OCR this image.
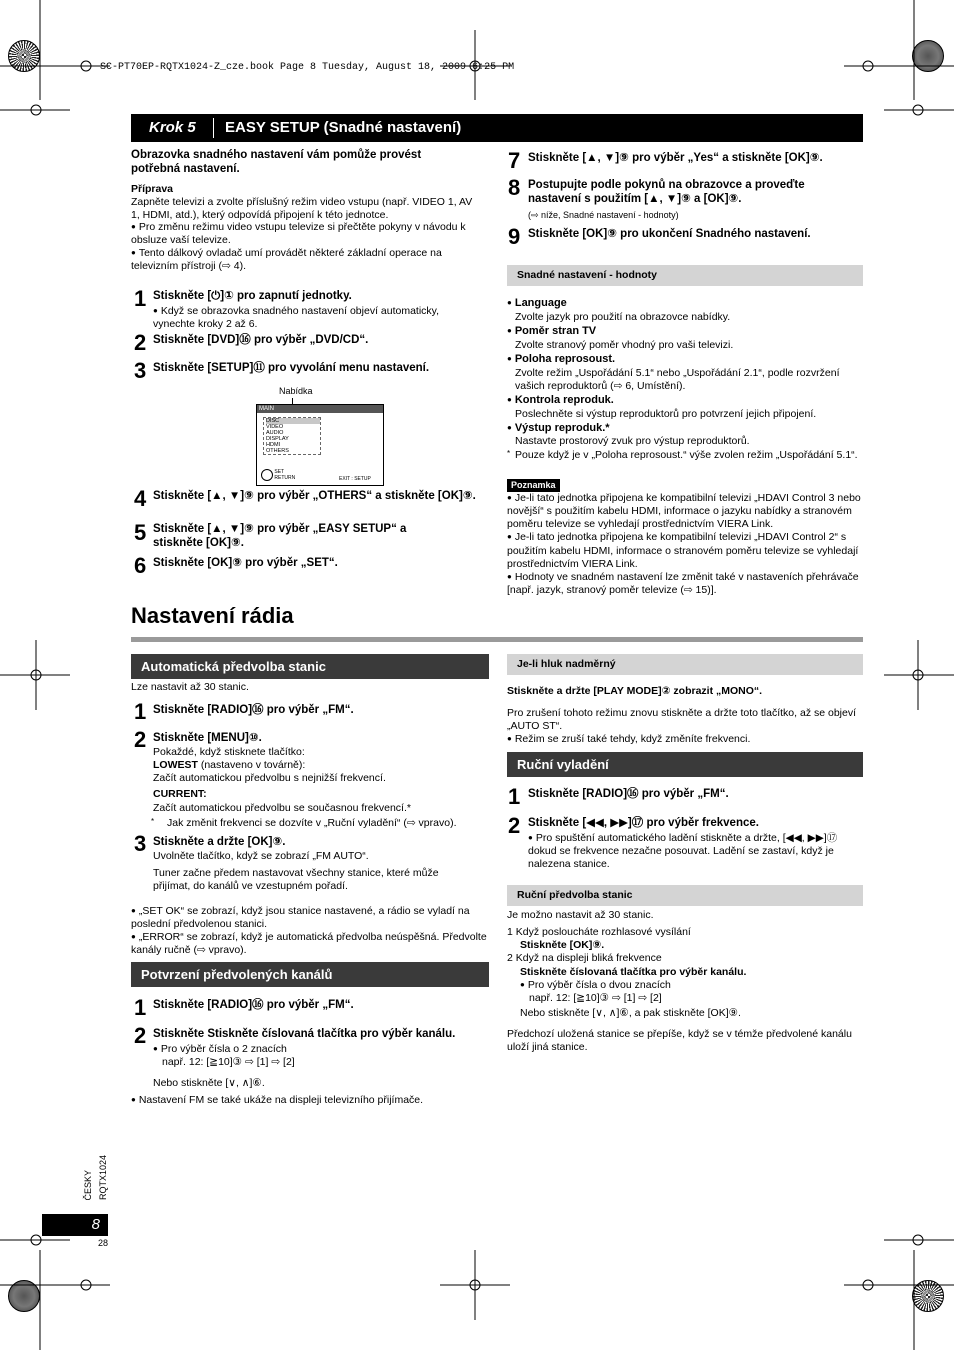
SC-PT70EP-RQTX1024-Z_cze.book Page 8 Tuesday, August 18, 2009 6:25 PM
Krok 5 EASY SETUP (Snadné nastavení)
Obrazovka snadného nastavení vám pomůže provést potřebná nastavení.
Příprava
Zapněte televizi a zvolte příslušný režim video vstupu (např. VIDEO 1, AV 1, HDMI, atd.), který odpovídá připojení k této jednotce.
● Pro změnu režimu video vstupu televize si přečtěte pokyny v návodu k obsluze vaší televize.
● Tento dálkový ovladač umí provádět některé základní operace na televizním přístroji (⇨ 4).
1 Stiskněte [⏻]① pro zapnutí jednotky.
● Když se obrazovka snadného nastavení objeví automaticky, vynechte kroky 2 až 6.
2 Stiskněte [DVD]⑯ pro výběr „DVD/CD“.
3 Stiskněte [SETUP]⑪ pro vyvolání menu nastavení.
Nabídka
MAIN
DISC
VIDEO
AUDIO
DISPLAY
HDMI
OTHERS
SET
RETURN	EXIT : SETUP
4 Stiskněte [▲, ▼]⑨ pro výběr „OTHERS“ a stiskněte [OK]⑨.
5 Stiskněte [▲, ▼]⑨ pro výběr „EASY SETUP“ a stiskněte [OK]⑨.
6 Stiskněte [OK]⑨ pro výběr „SET“.
7 Stiskněte [▲, ▼]⑨ pro výběr „Yes“ a stiskněte [OK]⑨.
8 Postupujte podle pokynů na obrazovce a proveďte nastavení s použitím [▲, ▼]⑨ a [OK]⑨.
(⇨ níže, Snadné nastavení - hodnoty)
9 Stiskněte [OK]⑨ pro ukončení Snadného nastavení.
Snadné nastavení - hodnoty
● Language
Zvolte jazyk pro použití na obrazovce nabídky.
● Poměr stran TV
Zvolte stranový poměr vhodný pro vaši televizi.
● Poloha reprosoust.
Zvolte režim „Uspořádání 5.1“ nebo „Uspořádání 2.1“, podle rozvržení vašich reproduktorů (⇨ 6, Umístění).
● Kontrola reproduk.
Poslechněte si výstup reproduktorů pro potvrzení jejich připojení.
● Výstup reproduk.*
Nastavte prostorový zvuk pro výstup reproduktorů.
* Pouze když je v „Poloha reprosoust.“ výše zvolen režim „Uspořádání 5.1“.
Poznamka
● Je-li tato jednotka připojena ke kompatibilní televizi „HDAVI Control 3 nebo novější“ s použitím kabelu HDMI, informace o jazyku nabídky a stranovém poměru televize se vyhledají prostřednictvím VIERA Link.
● Je-li tato jednotka připojena ke kompatibilní televizi „HDAVI Control 2“ s použitím kabelu HDMI, informace o stranovém poměru televize se vyhledají prostřednictvím VIERA Link.
● Hodnoty ve snadném nastavení lze změnit také v nastaveních přehrávače [např. jazyk, stranový poměr televize (⇨ 15)].
Nastavení rádia
Automatická předvolba stanic
Lze nastavit až 30 stanic.
1 Stiskněte [RADIO]⑯ pro výběr „FM“.
2 Stiskněte [MENU]⑩.
Pokaždé, když stisknete tlačítko:
LOWEST (nastaveno v továrně):
Začít automatickou předvolbu s nejnižší frekvencí.
CURRENT:
Začít automatickou předvolbu se současnou frekvencí.*
* Jak změnit frekvenci se dozvíte v „Ruční vyladění“ (⇨ vpravo).
3 Stiskněte a držte [OK]⑨.
Uvolněte tlačítko, když se zobrazí „FM AUTO“.
Tuner začne předem nastavovat všechny stanice, které může přijímat, do kanálů ve vzestupném pořadí.
● „SET OK“ se zobrazí, když jsou stanice nastavené, a rádio se vyladí na poslední předvolenou stanici.
● „ERROR“ se zobrazí, když je automatická předvolba neúspěšná. Předvolte kanály ručně (⇨ vpravo).
Potvrzení předvolených kanálů
1 Stiskněte [RADIO]⑯ pro výběr „FM“.
2 Stiskněte Stiskněte číslovaná tlačítka pro výběr kanálu.
● Pro výběr čísla o 2 znacích
např. 12: [≧10]③ ⇨ [1] ⇨ [2]
Nebo stiskněte [∨, ∧]⑥.
● Nastavení FM se také ukáže na displeji televizního přijímače.
Je-li hluk nadměrný
Stiskněte a držte [PLAY MODE]② zobrazit „MONO“.
Pro zrušení tohoto režimu znovu stiskněte a držte toto tlačítko, až se objeví „AUTO ST“.
● Režim se zruší také tehdy, když změníte frekvenci.
Ruční vyladění
1 Stiskněte [RADIO]⑯ pro výběr „FM“.
2 Stiskněte [◀◀, ▶▶]⑰ pro výběr frekvence.
● Pro spuštění automatického ladění stiskněte a držte, [◀◀, ▶▶]⑰ dokud se frekvence nezačne posouvat. Ladění se zastaví, když je nalezena stanice.
Ruční předvolba stanic
Je možno nastavit až 30 stanic.
1 Když posloucháte rozhlasové vysílání
Stiskněte [OK]⑨.
2 Když na displeji bliká frekvence
Stiskněte číslovaná tlačítka pro výběr kanálu.
● Pro výběr čísla o dvou znacích
např. 12: [≧10]③ ⇨ [1] ⇨ [2]
Nebo stiskněte [∨, ∧]⑥, a pak stiskněte [OK]⑨.
Předchozí uložená stanice se přepíše, když se v témže předvolené kanálu uloží jiná stanice.
ČESKY RQTX1024
8
28
